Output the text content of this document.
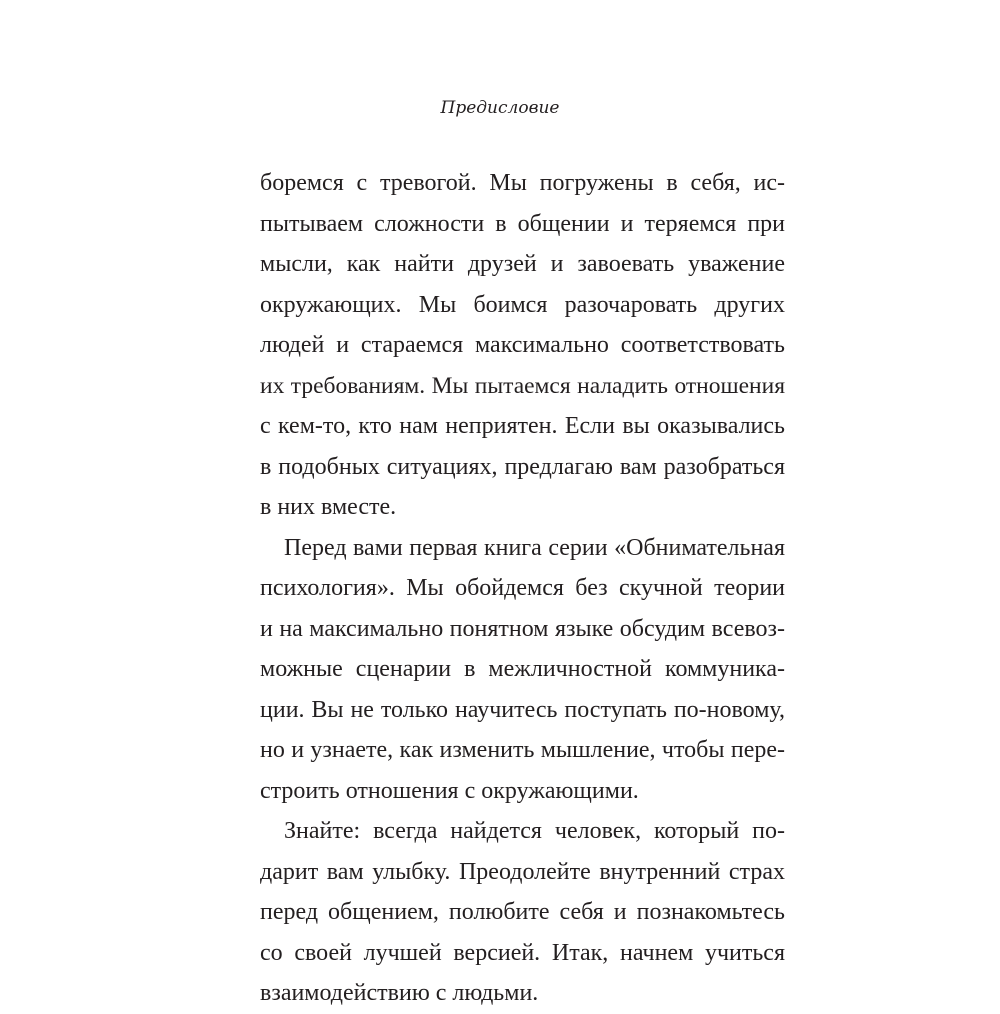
Предисловие
боремся с тревогой. Мы погружены в себя, ис-
пытываем сложности в общении и теряемся при
мысли, как найти друзей и завоевать уважение
окружающих. Мы боимся разочаровать других
людей и стараемся максимально соответствовать
их требованиям. Мы пытаемся наладить отношения
с кем-то, кто нам неприятен. Если вы оказывались
в подобных ситуациях, предлагаю вам разобраться
в них вместе.
Перед вами первая книга серии «Обнимательная
психология». Мы обойдемся без скучной теории
и на максимально понятном языке обсудим всевоз-
можные сценарии в межличностной коммуника-
ции. Вы не только научитесь поступать по-новому,
но и узнаете, как изменить мышление, чтобы пере-
строить отношения с окружающими.
Знайте: всегда найдется человек, который по-
дарит вам улыбку. Преодолейте внутренний страх
перед общением, полюбите себя и познакомьтесь
со своей лучшей версией. Итак, начнем учиться
взаимодействию с людьми.
